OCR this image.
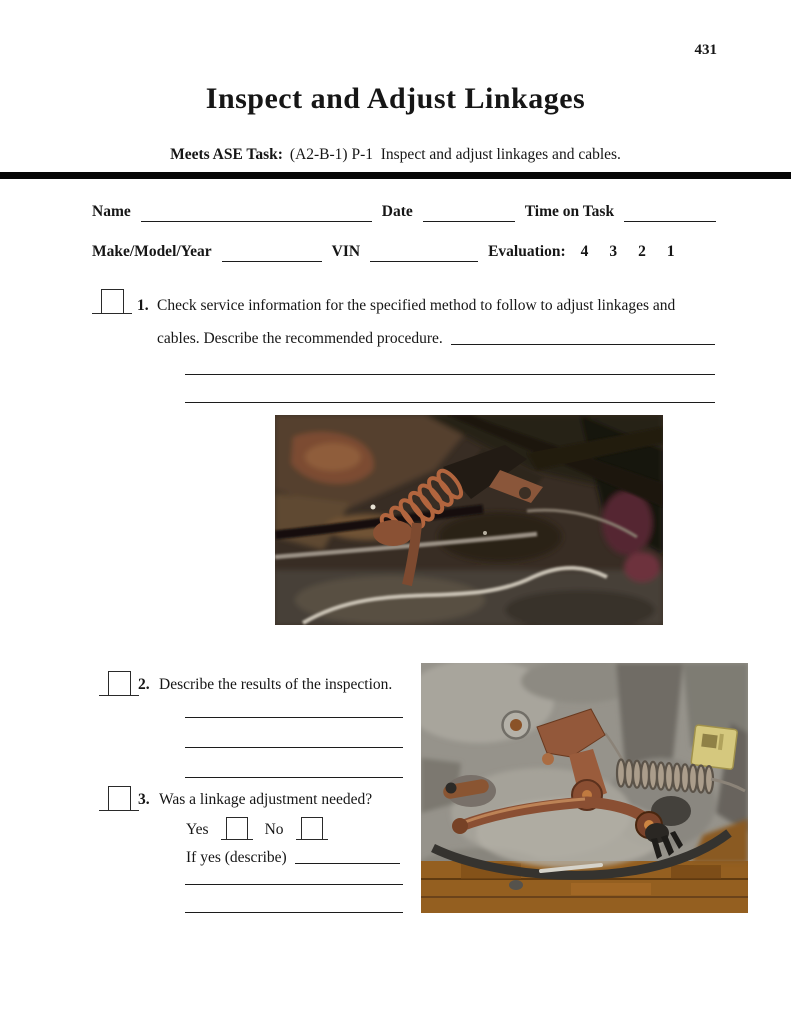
431
Inspect and Adjust Linkages
Meets ASE Task: (A2-B-1) P-1  Inspect and adjust linkages and cables.
Name	Date	Time on Task
Make/Model/Year	VIN	Evaluation: 4 3 2 1
1. Check service information for the specified method to follow to adjust linkages and
cables. Describe the recommended procedure.
2. Describe the results of the inspection.
3. Was a linkage adjustment needed?
Yes	No
If yes (describe)
